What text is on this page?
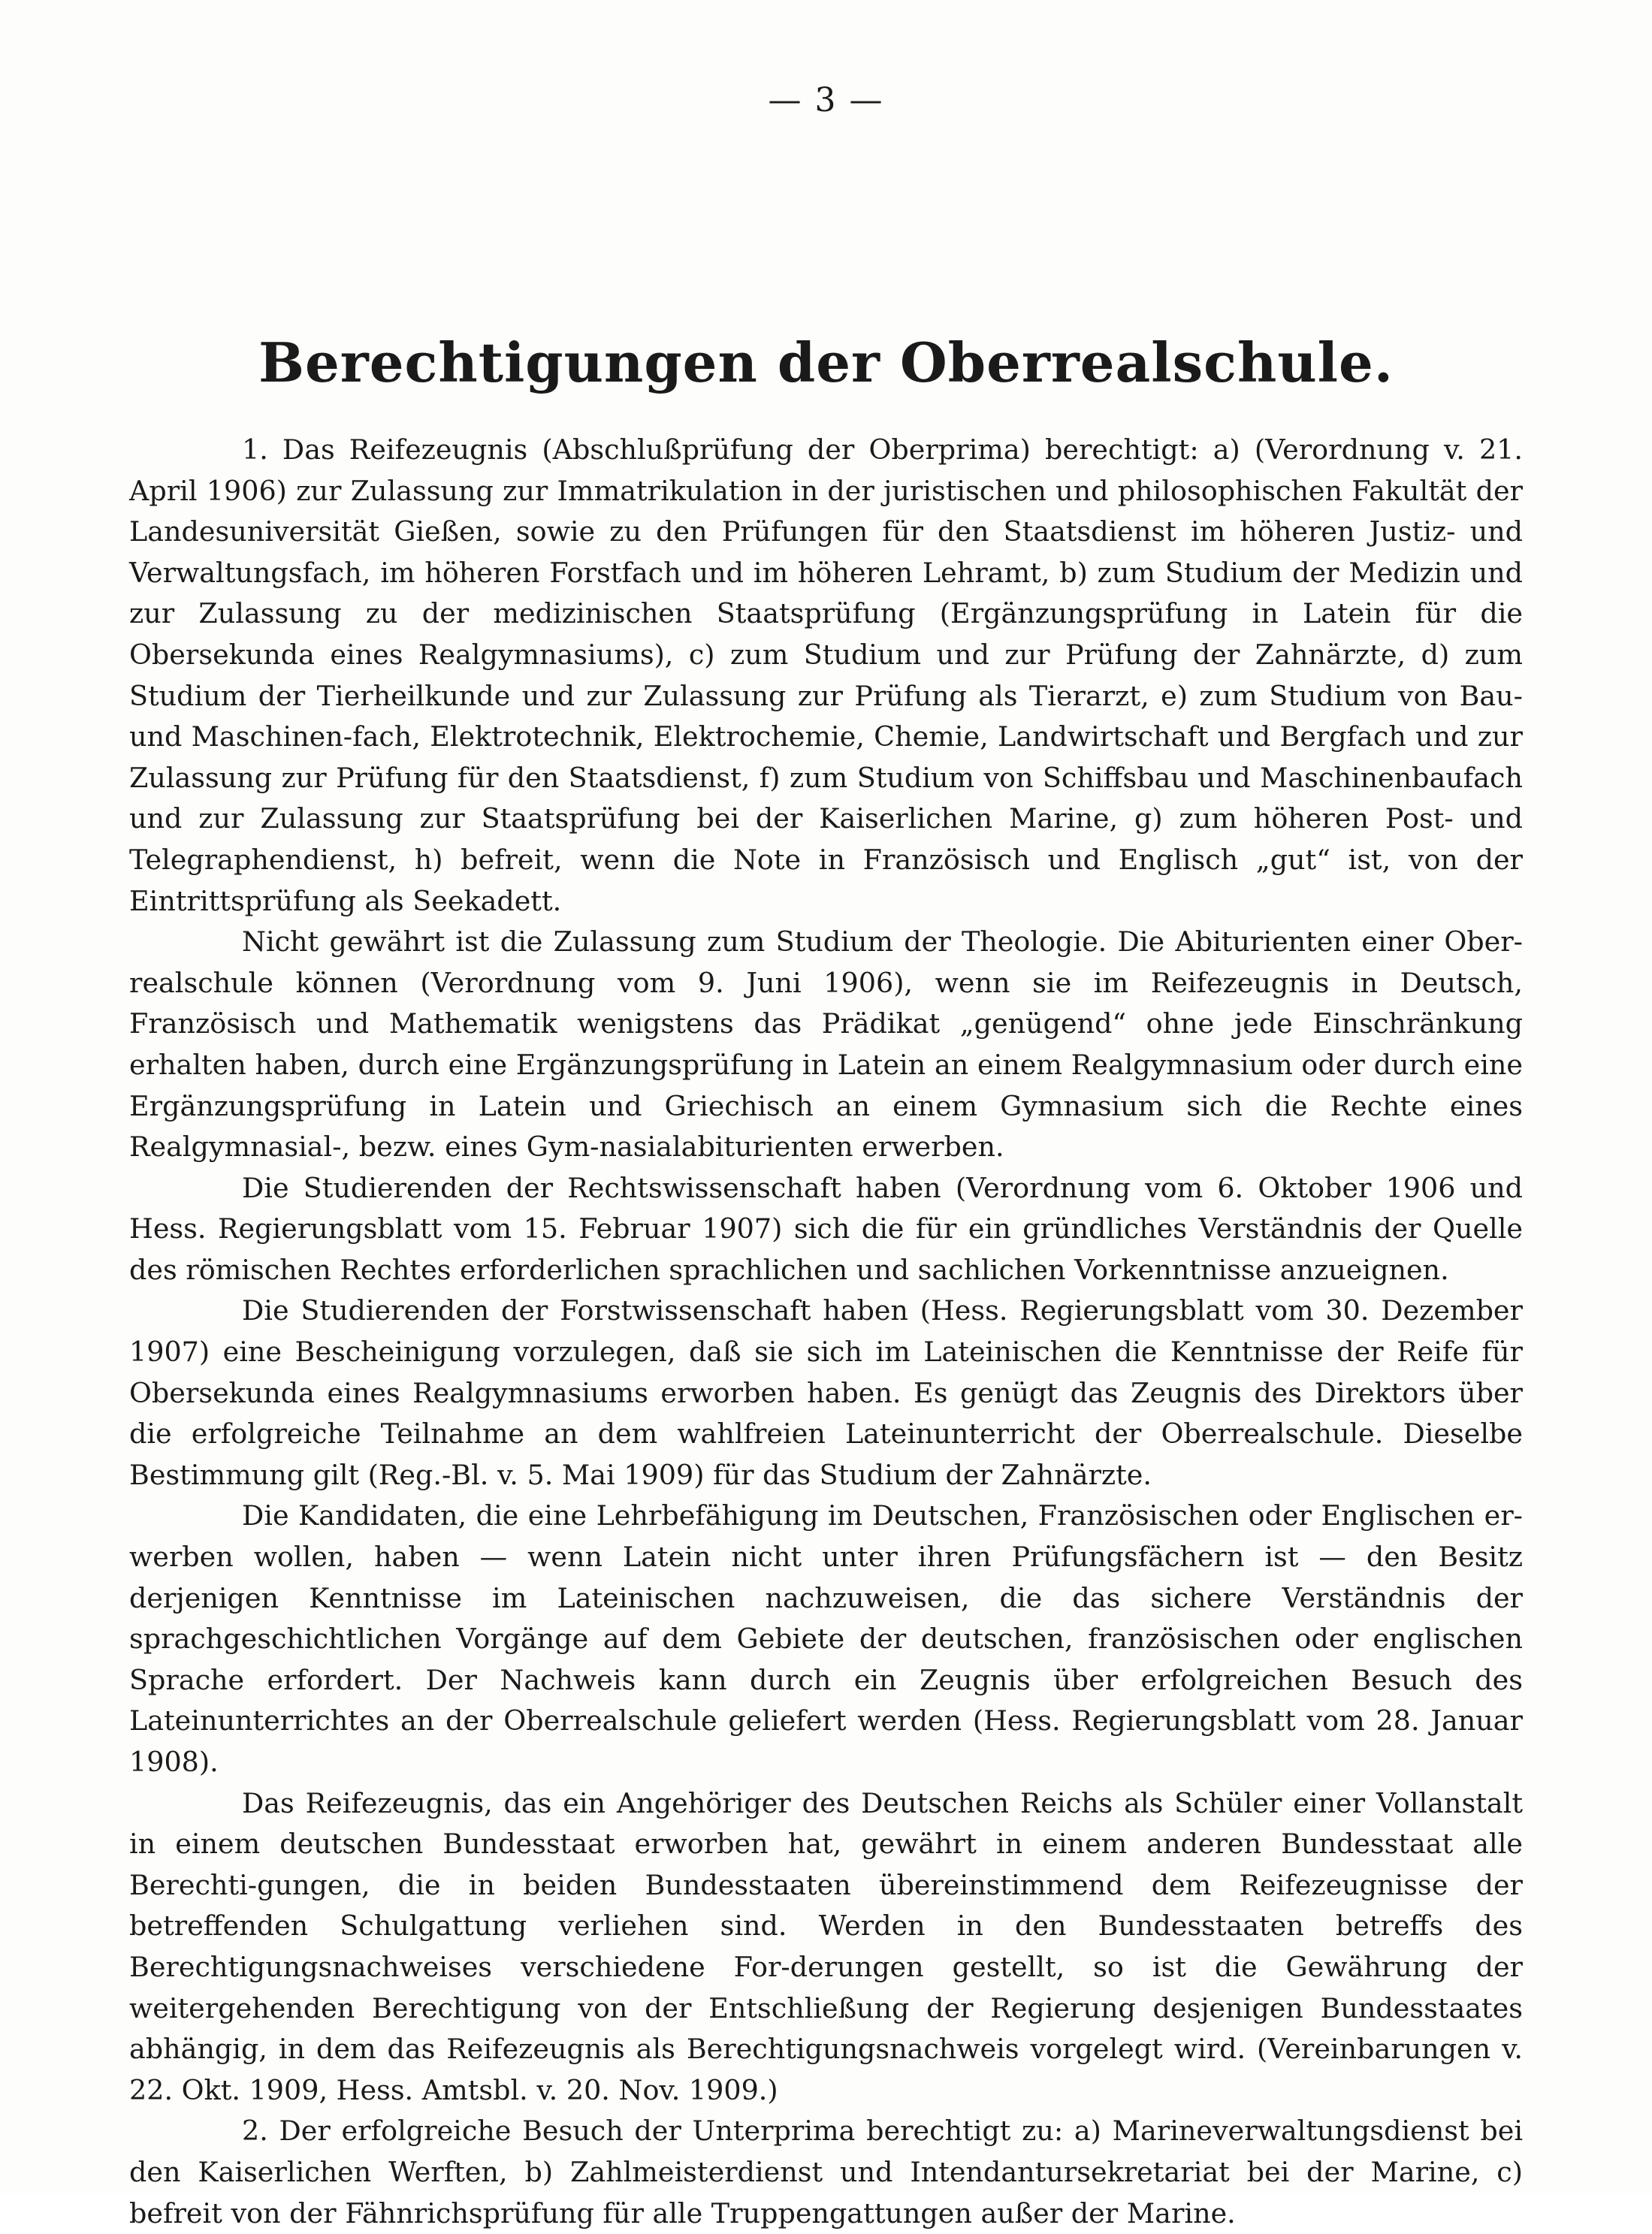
— 3 —
Berechtigungen der Oberrealschule.

1. Das Reifezeugnis (Abschlußprüfung der Oberprima) berechtigt: a) (Verordnung v. 21. April 1906) zur Zulassung zur Immatrikulation in der juristischen und philosophischen Fakultät der Landesuniversität Gießen, sowie zu den Prüfungen für den Staatsdienst im höheren Justiz- und Verwaltungsfach, im höheren Forstfach und im höheren Lehramt, b) zum Studium der Medizin und zur Zulassung zu der medizinischen Staatsprüfung (Ergänzungsprüfung in Latein für die Obersekunda eines Realgymnasiums), c) zum Studium und zur Prüfung der Zahnärzte, d) zum Studium der Tierheilkunde und zur Zulassung zur Prüfung als Tierarzt, e) zum Studium von Bau- und Maschinen-fach, Elektrotechnik, Elektrochemie, Chemie, Landwirtschaft und Bergfach und zur Zulassung zur Prüfung für den Staatsdienst, f) zum Studium von Schiffsbau und Maschinenbaufach und zur Zulassung zur Staatsprüfung bei der Kaiserlichen Marine, g) zum höheren Post- und Telegraphendienst, h) befreit, wenn die Note in Französisch und Englisch „gut“ ist, von der Eintrittsprüfung als Seekadett.

Nicht gewährt ist die Zulassung zum Studium der Theologie. Die Abiturienten einer Ober-realschule können (Verordnung vom 9. Juni 1906), wenn sie im Reifezeugnis in Deutsch, Französisch und Mathematik wenigstens das Prädikat „genügend“ ohne jede Einschränkung erhalten haben, durch eine Ergänzungsprüfung in Latein an einem Realgymnasium oder durch eine Ergänzungsprüfung in Latein und Griechisch an einem Gymnasium sich die Rechte eines Realgymnasial-, bezw. eines Gym-nasialabiturienten erwerben.

Die Studierenden der Rechtswissenschaft haben (Verordnung vom 6. Oktober 1906 und Hess. Regierungsblatt vom 15. Februar 1907) sich die für ein gründliches Verständnis der Quelle des römischen Rechtes erforderlichen sprachlichen und sachlichen Vorkenntnisse anzueignen.

Die Studierenden der Forstwissenschaft haben (Hess. Regierungsblatt vom 30. Dezember 1907) eine Bescheinigung vorzulegen, daß sie sich im Lateinischen die Kenntnisse der Reife für Obersekunda eines Realgymnasiums erworben haben. Es genügt das Zeugnis des Direktors über die erfolgreiche Teilnahme an dem wahlfreien Lateinunterricht der Oberrealschule. Dieselbe Bestimmung gilt (Reg.-Bl. v. 5. Mai 1909) für das Studium der Zahnärzte.

Die Kandidaten, die eine Lehrbefähigung im Deutschen, Französischen oder Englischen er-werben wollen, haben — wenn Latein nicht unter ihren Prüfungsfächern ist — den Besitz derjenigen Kenntnisse im Lateinischen nachzuweisen, die das sichere Verständnis der sprachgeschichtlichen Vorgänge auf dem Gebiete der deutschen, französischen oder englischen Sprache erfordert. Der Nachweis kann durch ein Zeugnis über erfolgreichen Besuch des Lateinunterrichtes an der Oberrealschule geliefert werden (Hess. Regierungsblatt vom 28. Januar 1908).

Das Reifezeugnis, das ein Angehöriger des Deutschen Reichs als Schüler einer Vollanstalt in einem deutschen Bundesstaat erworben hat, gewährt in einem anderen Bundesstaat alle Berechti-gungen, die in beiden Bundesstaaten übereinstimmend dem Reifezeugnisse der betreffenden Schulgattung verliehen sind. Werden in den Bundesstaaten betreffs des Berechtigungsnachweises verschiedene For-derungen gestellt, so ist die Gewährung der weitergehenden Berechtigung von der Entschließung der Regierung desjenigen Bundesstaates abhängig, in dem das Reifezeugnis als Berechtigungsnachweis vorgelegt wird. (Vereinbarungen v. 22. Okt. 1909, Hess. Amtsbl. v. 20. Nov. 1909.)

2. Der erfolgreiche Besuch der Unterprima berechtigt zu: a) Marineverwaltungsdienst bei den Kaiserlichen Werften, b) Zahlmeisterdienst und Intendantursekretariat bei der Marine, c) befreit von der Fähnrichsprüfung für alle Truppengattungen außer der Marine.
